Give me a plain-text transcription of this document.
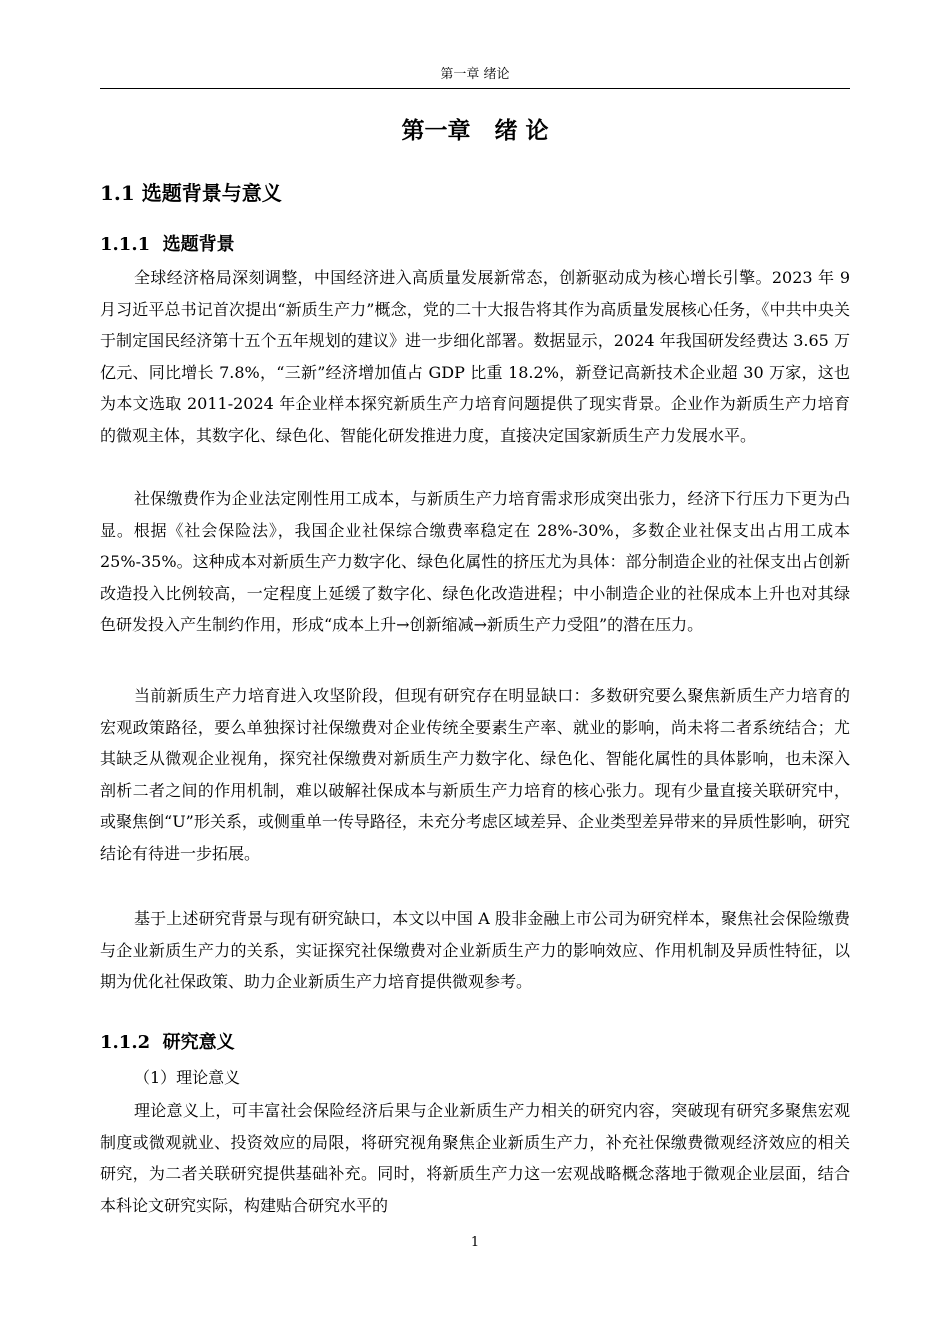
第一章 绪论
第一章   绪 论
1.1 选题背景与意义
1.1.1  选题背景

全球经济格局深刻调整，中国经济进入高质量发展新常态，创新驱动成为核心增长引擎。2023 年 9 月习近平总书记首次提出“新质生产力”概念，党的二十大报告将其作为高质量发展核心任务，《中共中央关于制定国民经济第十五个五年规划的建议》进一步细化部署。数据显示，2024 年我国研发经费达 3.65 万亿元、同比增长 7.8%，“三新”经济增加值占 GDP 比重 18.2%，新登记高新技术企业超 30 万家，这也为本文选取 2011-2024 年企业样本探究新质生产力培育问题提供了现实背景。企业作为新质生产力培育的微观主体，其数字化、绿色化、智能化研发推进力度，直接决定国家新质生产力发展水平。

社保缴费作为企业法定刚性用工成本，与新质生产力培育需求形成突出张力，经济下行压力下更为凸显。根据《社会保险法》，我国企业社保综合缴费率稳定在 28%-30%，多数企业社保支出占用工成本 25%-35%。这种成本对新质生产力数字化、绿色化属性的挤压尤为具体：部分制造企业的社保支出占创新改造投入比例较高，一定程度上延缓了数字化、绿色化改造进程；中小制造企业的社保成本上升也对其绿色研发投入产生制约作用，形成“成本上升→创新缩减→新质生产力受阻”的潜在压力。

当前新质生产力培育进入攻坚阶段，但现有研究存在明显缺口：多数研究要么聚焦新质生产力培育的宏观政策路径，要么单独探讨社保缴费对企业传统全要素生产率、就业的影响，尚未将二者系统结合；尤其缺乏从微观企业视角，探究社保缴费对新质生产力数字化、绿色化、智能化属性的具体影响，也未深入剖析二者之间的作用机制，难以破解社保成本与新质生产力培育的核心张力。现有少量直接关联研究中，或聚焦倒“U”形关系，或侧重单一传导路径，未充分考虑区域差异、企业类型差异带来的异质性影响，研究结论有待进一步拓展。

基于上述研究背景与现有研究缺口，本文以中国 A 股非金融上市公司为研究样本，聚焦社会保险缴费与企业新质生产力的关系，实证探究社保缴费对企业新质生产力的影响效应、作用机制及异质性特征，以期为优化社保政策、助力企业新质生产力培育提供微观参考。

1.1.2  研究意义
（1）理论意义

理论意义上，可丰富社会保险经济后果与企业新质生产力相关的研究内容，突破现有研究多聚焦宏观制度或微观就业、投资效应的局限，将研究视角聚焦企业新质生产力，补充社保缴费微观经济效应的相关研究，为二者关联研究提供基础补充。同时，将新质生产力这一宏观战略概念落地于微观企业层面，结合本科论文研究实际，构建贴合研究水平的

1
